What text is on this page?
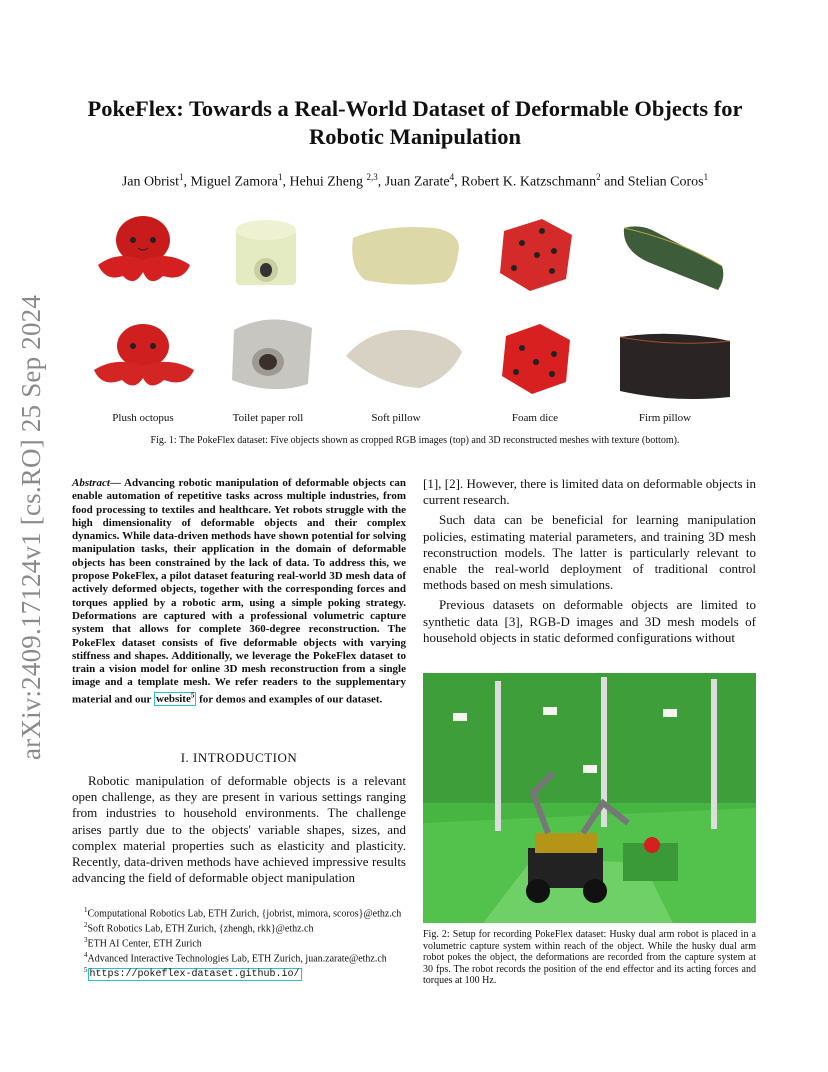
arXiv:2409.17124v1 [cs.RO] 25 Sep 2024
PokeFlex: Towards a Real-World Dataset of Deformable Objects for Robotic Manipulation
Jan Obrist$^1$, Miguel Zamora$^1$, Hehui Zheng $^{2,3}$, Juan Zarate$^4$, Robert K. Katzschmann$^2$ and Stelian Coros$^1$
Plush octopus	Toilet paper roll	Soft pillow	Foam dice	Firm pillow
Fig. 1: The PokeFlex dataset: Five objects shown as cropped RGB images (top) and 3D reconstructed meshes with texture (bottom).
Abstract— Advancing robotic manipulation of deformable objects can enable automation of repetitive tasks across multiple industries, from food processing to textiles and healthcare. Yet robots struggle with the high dimensionality of deformable objects and their complex dynamics. While data-driven methods have shown potential for solving manipulation tasks, their application in the domain of deformable objects has been constrained by the lack of data. To address this, we propose PokeFlex, a pilot dataset featuring real-world 3D mesh data of actively deformed objects, together with the corresponding forces and torques applied by a robotic arm, using a simple poking strategy. Deformations are captured with a professional volumetric capture system that allows for complete 360-degree reconstruction. The PokeFlex dataset consists of five deformable objects with varying stiffness and shapes. Additionally, we leverage the PokeFlex dataset to train a vision model for online 3D mesh reconstruction from a single image and a template mesh. We refer readers to the supplementary material and our website$^5$ for demos and examples of our dataset.
I. INTRODUCTION
Robotic manipulation of deformable objects is a relevant open challenge, as they are present in various settings ranging from industries to household environments. The challenge arises partly due to the objects' variable shapes, sizes, and complex material properties such as elasticity and plasticity. Recently, data-driven methods have achieved impressive results advancing the field of deformable object manipulation

$^1$Computational Robotics Lab, ETH Zurich, {jobrist, mimora, scoros}@ethz.ch

$^2$Soft Robotics Lab, ETH Zurich, {zhengh, rkk}@ethz.ch

$^3$ETH AI Center, ETH Zurich

$^4$Advanced Interactive Technologies Lab, ETH Zurich, juan.zarate@ethz.ch

$^5$ https://pokeflex-dataset.github.io/

[1], [2]. However, there is limited data on deformable objects in current research.

Such data can be beneficial for learning manipulation policies, estimating material parameters, and training 3D mesh reconstruction models. The latter is particularly relevant to enable the real-world deployment of traditional control methods based on mesh simulations.

Previous datasets on deformable objects are limited to synthetic data [3], RGB-D images and 3D mesh models of household objects in static deformed configurations without

Fig. 2: Setup for recording PokeFlex dataset: Husky dual arm robot is placed in a volumetric capture system within reach of the object. While the husky dual arm robot pokes the object, the deformations are recorded from the capture system at 30 fps. The robot records the position of the end effector and its acting forces and torques at 100 Hz.
